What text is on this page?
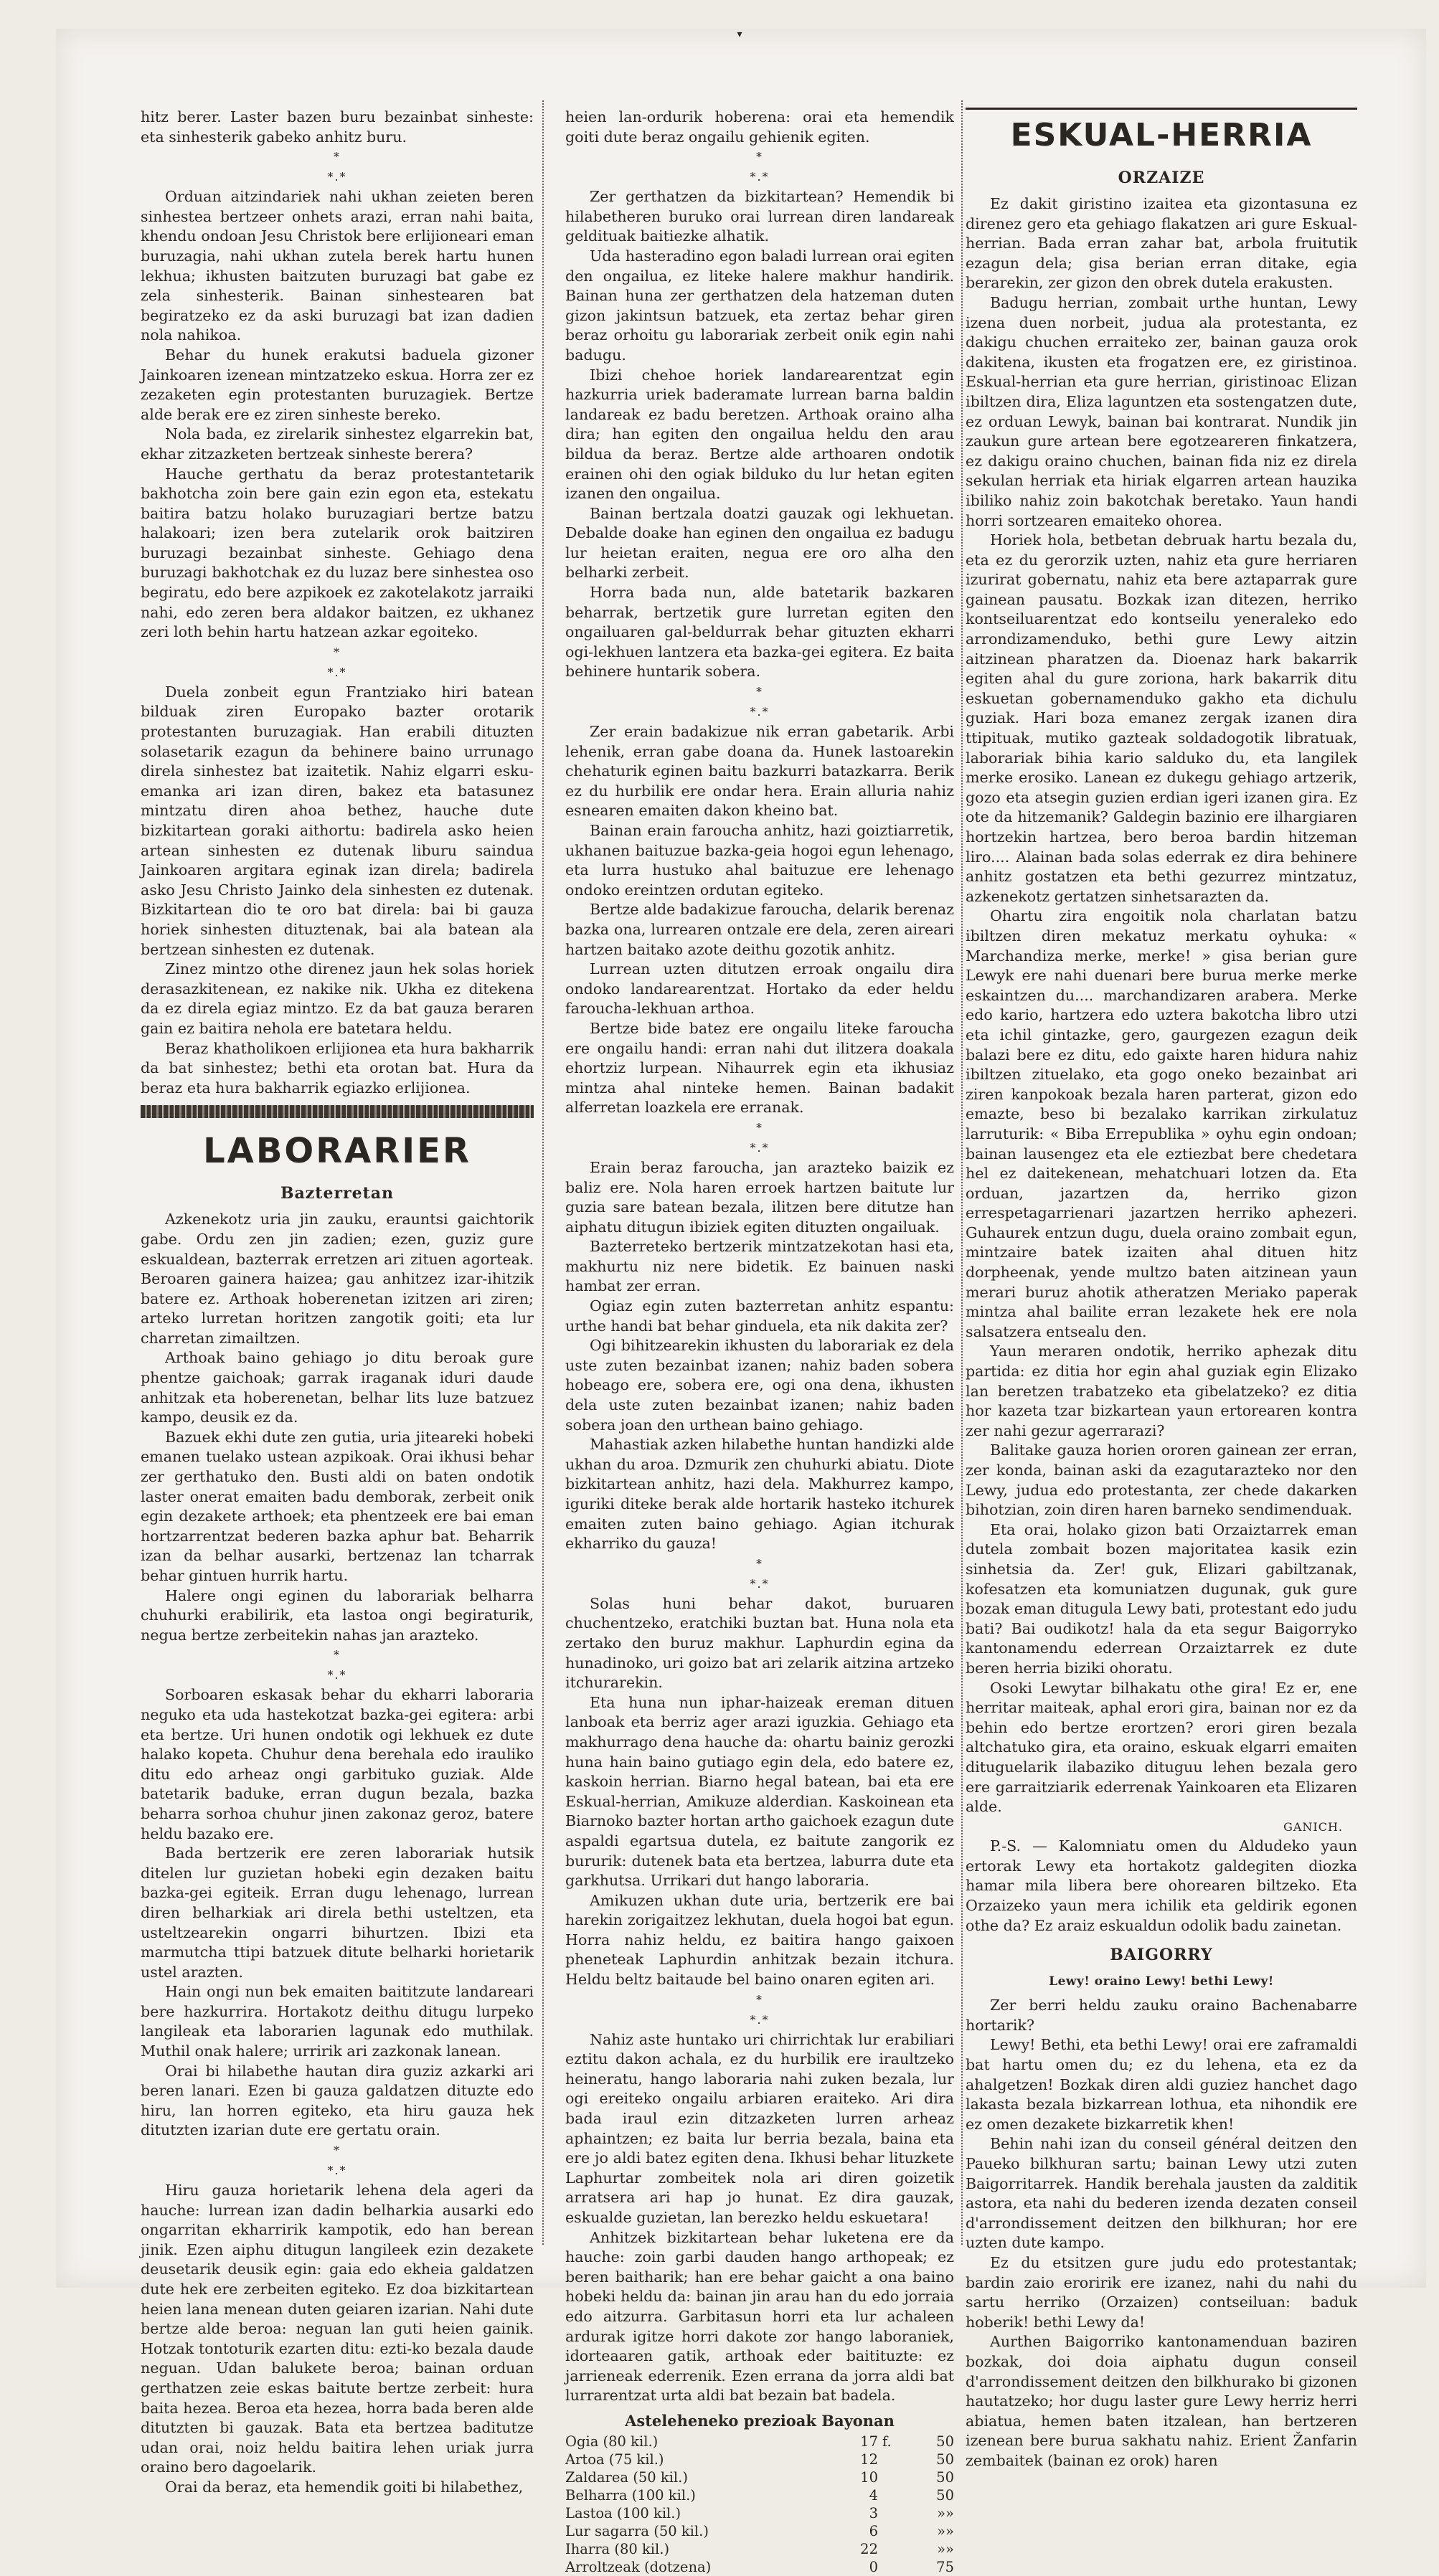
▾

hitz berer. Laster bazen buru bezainbat sinheste: eta sinhesterik gabeko anhitz buru.

*
*.*

Orduan aitzindariek nahi ukhan zeieten beren sinhestea bertzeer onhets arazi, erran nahi baita, khendu ondoan Jesu Christok bere erlijioneari eman buruzagia, nahi ukhan zutela berek hartu hunen lekhua; ikhusten baitzuten buruzagi bat gabe ez zela sinhesterik. Bainan sinhestearen bat begiratzeko ez da aski buruzagi bat izan dadien nola nahikoa.

Behar du hunek erakutsi baduela gizoner Jainkoaren izenean mintzatzeko eskua. Horra zer ez zezaketen egin protestanten buruzagiek. Bertze alde berak ere ez ziren sinheste bereko.

Nola bada, ez zirelarik sinhestez elgarrekin bat, ekhar zitzazketen bertzeak sinheste berera?

Hauche gerthatu da beraz protestantetarik bakhotcha zoin bere gain ezin egon eta, estekatu baitira batzu holako buruzagiari bertze batzu halakoari; izen bera zutelarik orok baitziren buruzagi bezainbat sinheste. Gehiago dena buruzagi bakhotchak ez du luzaz bere sinhestea oso begiratu, edo bere azpikoek ez zakotelakotz jarraiki nahi, edo zeren bera aldakor baitzen, ez ukhanez zeri loth behin hartu hatzean azkar egoiteko.

*
*.*

Duela zonbeit egun Frantziako hiri batean bilduak ziren Europako bazter orotarik protestanten buruzagiak. Han erabili dituzten solasetarik ezagun da behinere baino urrunago direla sinhestez bat izaitetik. Nahiz elgarri esku-emanka ari izan diren, bakez eta batasunez mintzatu diren ahoa bethez, hauche dute bizkitartean goraki aithortu: badirela asko heien artean sinhesten ez dutenak liburu saindua Jainkoaren argitara eginak izan direla; badirela asko Jesu Christo Jainko dela sinhesten ez dutenak. Bizkitartean dio te oro bat direla: bai bi gauza horiek sinhesten dituztenak, bai ala batean ala bertzean sinhesten ez dutenak.

Zinez mintzo othe direnez jaun hek solas horiek derasazkitenean, ez nakike nik. Ukha ez ditekena da ez direla egiaz mintzo. Ez da bat gauza beraren gain ez baitira nehola ere batetara heldu.

Beraz khatholikoen erlijionea eta hura bakharrik da bat sinhestez; bethi eta orotan bat. Hura da beraz eta hura bakharrik egiazko erlijionea.

LABORARIER
Bazterretan

Azkenekotz uria jin zauku, erauntsi gaichtorik gabe. Ordu zen jin zadien; ezen, guziz gure eskualdean, bazterrak erretzen ari zituen agorteak. Beroaren gainera haizea; gau anhitzez izar-ihitzik batere ez. Arthoak hoberenetan izitzen ari ziren; arteko lurretan horitzen zangotik goiti; eta lur charretan zimailtzen.

Arthoak baino gehiago jo ditu beroak gure phentze gaichoak; garrak iraganak iduri daude anhitzak eta hoberenetan, belhar lits luze batzuez kampo, deusik ez da.

Bazuek ekhi dute zen gutia, uria jiteareki hobeki emanen tuelako ustean azpikoak. Orai ikhusi behar zer gerthatuko den. Busti aldi on baten ondotik laster onerat emaiten badu demborak, zerbeit onik egin dezakete arthoek; eta phentzeek ere bai eman hortzarrentzat bederen bazka aphur bat. Beharrik izan da belhar ausarki, bertzenaz lan tcharrak behar gintuen hurrik hartu.

Halere ongi eginen du laborariak belharra chuhurki erabilirik, eta lastoa ongi begiraturik, negua bertze zerbeitekin nahas jan arazteko.

*
*.*

Sorboaren eskasak behar du ekharri laboraria neguko eta uda hastekotzat bazka-gei egitera: arbi eta bertze. Uri hunen ondotik ogi lekhuek ez dute halako kopeta. Chuhur dena berehala edo irauliko ditu edo arheaz ongi garbituko guziak. Alde batetarik baduke, erran dugun bezala, bazka beharra sorhoa chuhur jinen zakonaz geroz, batere heldu bazako ere.

Bada bertzerik ere zeren laborariak hutsik ditelen lur guzietan hobeki egin dezaken baitu bazka-gei egiteik. Erran dugu lehenago, lurrean diren belharkiak ari direla bethi usteltzen, eta usteltzearekin ongarri bihurtzen. Ibizi eta marmutcha ttipi batzuek ditute belharki horietarik ustel arazten.

Hain ongi nun bek emaiten baititzute landareari bere hazkurrira. Hortakotz deithu ditugu lurpeko langileak eta laborarien lagunak edo muthilak. Muthil onak halere; urririk ari zazkonak lanean.

Orai bi hilabethe hautan dira guziz azkarki ari beren lanari. Ezen bi gauza galdatzen dituzte edo hiru, lan horren egiteko, eta hiru gauza hek ditutzten izarian dute ere gertatu orain.

*
*.*

Hiru gauza horietarik lehena dela ageri da hauche: lurrean izan dadin belharkia ausarki edo ongarritan ekharririk kampotik, edo han berean jinik. Ezen aiphu ditugun langileek ezin dezakete deusetarik deusik egin: gaia edo ekheia galdatzen dute hek ere zerbeiten egiteko. Ez doa bizkitartean heien lana menean duten geiaren izarian. Nahi dute bertze alde beroa: neguan lan guti heien gainik. Hotzak tontoturik ezarten ditu: ezti-ko bezala daude neguan. Udan balukete beroa; bainan orduan gerthatzen zeie eskas baitute bertze zerbeit: hura baita hezea. Beroa eta hezea, horra bada beren alde ditutzten bi gauzak. Bata eta bertzea baditutze udan orai, noiz heldu baitira lehen uriak jurra oraino bero dagoelarik.

Orai da beraz, eta hemendik goiti bi hilabethez,

heien lan-ordurik hoberena: orai eta hemendik goiti dute beraz ongailu gehienik egiten.

*
*.*

Zer gerthatzen da bizkitartean? Hemendik bi hilabetheren buruko orai lurrean diren landareak geldituak baitiezke alhatik.

Uda hasteradino egon baladi lurrean orai egiten den ongailua, ez liteke halere makhur handirik. Bainan huna zer gerthatzen dela hatzeman duten gizon jakintsun batzuek, eta zertaz behar giren beraz orhoitu gu laborariak zerbeit onik egin nahi badugu.

Ibizi chehoe horiek landarearentzat egin hazkurria uriek baderamate lurrean barna baldin landareak ez badu beretzen. Arthoak oraino alha dira; han egiten den ongailua heldu den arau bildua da beraz. Bertze alde arthoaren ondotik erainen ohi den ogiak bilduko du lur hetan egiten izanen den ongailua.

Bainan bertzala doatzi gauzak ogi lekhuetan. Debalde doake han eginen den ongailua ez badugu lur heietan eraiten, negua ere oro alha den belharki zerbeit.

Horra bada nun, alde batetarik bazkaren beharrak, bertzetik gure lurretan egiten den ongailuaren gal-beldurrak behar gituzten ekharri ogi-lekhuen lantzera eta bazka-gei egitera. Ez baita behinere huntarik sobera.

*
*.*

Zer erain badakizue nik erran gabetarik. Arbi lehenik, erran gabe doana da. Hunek lastoarekin chehaturik eginen baitu bazkurri batazkarra. Berik ez du hurbilik ere ondar hera. Erain alluria nahiz esnearen emaiten dakon kheino bat.

Bainan erain faroucha anhitz, hazi goiztiarretik, ukhanen baituzue bazka-geia hogoi egun lehenago, eta lurra hustuko ahal baituzue ere lehenago ondoko ereintzen ordutan egiteko.

Bertze alde badakizue faroucha, delarik berenaz bazka ona, lurrearen ontzale ere dela, zeren aireari hartzen baitako azote deithu gozotik anhitz.

Lurrean uzten ditutzen erroak ongailu dira ondoko landarearentzat. Hortako da eder heldu faroucha-lekhuan arthoa.

Bertze bide batez ere ongailu liteke faroucha ere ongailu handi: erran nahi dut ilitzera doakala ehortziz lurpean. Nihaurrek egin eta ikhusiaz mintza ahal ninteke hemen. Bainan badakit alferretan loazkela ere erranak.

*
*.*

Erain beraz faroucha, jan arazteko baizik ez baliz ere. Nola haren erroek hartzen baitute lur guzia sare batean bezala, ilitzen bere ditutze han aiphatu ditugun ibiziek egiten dituzten ongailuak.

Bazterreteko bertzerik mintzatzekotan hasi eta, makhurtu niz nere bidetik. Ez bainuen naski hambat zer erran.

Ogiaz egin zuten bazterretan anhitz espantu: urthe handi bat behar ginduela, eta nik dakita zer?

Ogi bihitzearekin ikhusten du laborariak ez dela uste zuten bezainbat izanen; nahiz baden sobera hobeago ere, sobera ere, ogi ona dena, ikhusten dela uste zuten bezainbat izanen; nahiz baden sobera joan den urthean baino gehiago.

Mahastiak azken hilabethe huntan handizki alde ukhan du aroa. Dzmurik zen chuhurki abiatu. Diote bizkitartean anhitz, hazi dela. Makhurrez kampo, iguriki diteke berak alde hortarik hasteko itchurek emaiten zuten baino gehiago. Agian itchurak ekharriko du gauza!

*
*.*

Solas huni behar dakot, buruaren chuchentzeko, eratchiki buztan bat. Huna nola eta zertako den buruz makhur. Laphurdin egina da hunadinoko, uri goizo bat ari zelarik aitzina artzeko itchurarekin.

Eta huna nun iphar-haizeak ereman dituen lanboak eta berriz ager arazi iguzkia. Gehiago eta makhurrago dena hauche da: ohartu bainiz gerozki huna hain baino gutiago egin dela, edo batere ez, kaskoin herrian. Biarno hegal batean, bai eta ere Eskual-herrian, Amikuze alderdian. Kaskoinean eta Biarnoko bazter hortan artho gaichoek ezagun dute aspaldi egartsua dutela, ez baitute zangorik ez bururik: dutenek bata eta bertzea, laburra dute eta garkhutsa. Urrikari dut hango laboraria.

Amikuzen ukhan dute uria, bertzerik ere bai harekin zorigaitzez lekhutan, duela hogoi bat egun. Horra nahiz heldu, ez baitira hango gaixoen pheneteak Laphurdin anhitzak bezain itchura. Heldu beltz baitaude bel baino onaren egiten ari.

*
*.*

Nahiz aste huntako uri chirrichtak lur erabiliari eztitu dakon achala, ez du hurbilik ere iraultzeko heineratu, hango laboraria nahi zuken bezala, lur ogi ereiteko ongailu arbiaren eraiteko. Ari dira bada iraul ezin ditzazketen lurren arheaz aphaintzen; ez baita lur berria bezala, baina eta ere jo aldi batez egiten dena. Ikhusi behar lituzkete Laphurtar zombeitek nola ari diren goizetik arratsera ari hap jo hunat. Ez dira gauzak, eskualde guzietan, lan berezko heldu eskuetara!

Anhitzek bizkitartean behar luketena ere da hauche: zoin garbi dauden hango arthopeak; ez beren baitharik; han ere behar gaicht a ona baino hobeki heldu da: bainan jin arau han du edo jorraia edo aitzurra. Garbitasun horri eta lur achaleen ardurak igitze horri dakote zor hango laboraniek, idorteaaren gatik, arthoak eder baitituzte: ez jarrieneak ederrenik. Ezen errana da jorra aldi bat lurrarentzat urta aldi bat bezain bat badela.

Asteleheneko prezioak Bayonan
Ogia (80 kil.)	17	f.	50
Artoa (75 kil.)	12		50
Zaldarea (50 kil.)	10		50
Belharra (100 kil.)	4		50
Lastoa (100 kil.)	3		»»
Lur sagarra (50 kil.)	6		»»
Iharra (80 kil.)	22		»»
Arroltzeak (dotzena)	0		75
ESKUAL-HERRIA
ORZAIZE

Ez dakit giristino izaitea eta gizontasuna ez direnez gero eta gehiago flakatzen ari gure Eskual-herrian. Bada erran zahar bat, arbola fruitutik ezagun dela; gisa berian erran ditake, egia berarekin, zer gizon den obrek dutela erakusten.

Badugu herrian, zombait urthe huntan, Lewy izena duen norbeit, judua ala protestanta, ez dakigu chuchen erraiteko zer, bainan gauza orok dakitena, ikusten eta frogatzen ere, ez giristinoa. Eskual-herrian eta gure herrian, giristinoac Elizan ibiltzen dira, Eliza laguntzen eta sostengatzen dute, ez orduan Lewyk, bainan bai kontrarat. Nundik jin zaukun gure artean bere egotzeareren finkatzera, ez dakigu oraino chuchen, bainan fida niz ez direla sekulan herriak eta hiriak elgarren artean hauzika ibiliko nahiz zoin bakotchak beretako. Yaun handi horri sortzearen emaiteko ohorea.

Horiek hola, betbetan debruak hartu bezala du, eta ez du gerorzik uzten, nahiz eta gure herriaren izurirat gobernatu, nahiz eta bere aztaparrak gure gainean pausatu. Bozkak izan ditezen, herriko kontseiluarentzat edo kontseilu yeneraleko edo arrondizamenduko, bethi gure Lewy aitzin aitzinean pharatzen da. Dioenaz hark bakarrik egiten ahal du gure zoriona, hark bakarrik ditu eskuetan gobernamenduko gakho eta dichulu guziak. Hari boza emanez zergak izanen dira ttipituak, mutiko gazteak soldadogotik libratuak, laborariak bihia kario salduko du, eta langilek merke erosiko. Lanean ez dukegu gehiago artzerik, gozo eta atsegin guzien erdian igeri izanen gira. Ez ote da hitzemanik? Galdegin bazinio ere ilhargiaren hortzekin hartzea, bero beroa bardin hitzeman liro.... Alainan bada solas ederrak ez dira behinere anhitz gostatzen eta bethi gezurrez mintzatuz, azkenekotz gertatzen sinhetsarazten da.

Ohartu zira engoitik nola charlatan batzu ibiltzen diren mekatuz merkatu oyhuka: « Marchandiza merke, merke! » gisa berian gure Lewyk ere nahi duenari bere burua merke merke eskaintzen du.... marchandizaren arabera. Merke edo kario, hartzera edo uztera bakotcha libro utzi eta ichil gintazke, gero, gaurgezen ezagun deik balazi bere ez ditu, edo gaixte haren hidura nahiz ibiltzen zituelako, eta gogo oneko bezainbat ari ziren kanpokoak bezala haren parterat, gizon edo emazte, beso bi bezalako karrikan zirkulatuz larruturik: « Biba Errepublika » oyhu egin ondoan; bainan lausengez eta ele eztiezbat bere chedetara hel ez daitekenean, mehatchuari lotzen da. Eta orduan, jazartzen da, herriko gizon errespetagarrienari jazartzen herriko aphezeri. Guhaurek entzun dugu, duela oraino zombait egun, mintzaire batek izaiten ahal dituen hitz dorpheenak, yende multzo baten aitzinean yaun merari buruz ahotik atheratzen Meriako paperak mintza ahal bailite erran lezakete hek ere nola salsatzera entsealu den.

Yaun meraren ondotik, herriko aphezak ditu partida: ez ditia hor egin ahal guziak egin Elizako lan beretzen trabatzeko eta gibelatzeko? ez ditia hor kazeta tzar bizkartean yaun ertorearen kontra zer nahi gezur agerrarazi?

Balitake gauza horien ororen gainean zer erran, zer konda, bainan aski da ezagutaraztekо nor den Lewy, judua edo protestanta, zer chede dakarken bihotzian, zoin diren haren barneko sendimenduak.

Eta orai, holako gizon bati Orzaiztarrek eman dutela zombait bozen majoritatea kasik ezin sinhetsia da. Zer! guk, Elizari gabiltzanak, kofesatzen eta komuniatzen dugunak, guk gure bozak eman ditugula Lewy bati, protestant edo judu bati? Bai oudikotz! hala da eta segur Baigorryko kantonamendu ederrean Orzaiztarrek ez dute beren herria biziki ohoratu.

Osoki Lewytar bilhakatu othe gira! Ez er, ene herritar maiteak, aphal erori gira, bainan nor ez da behin edo bertze erortzen? erori giren bezala altchatuko gira, eta oraino, eskuak elgarri emaiten dituguelarik ilabaziko dituguu lehen bezala gero ere garraitziarik ederrenak Yainkoaren eta Elizaren alde.

GANICH.

P.-S. — Kalomniatu omen du Aldudeko yaun ertorak Lewy eta hortakotz galdegiten diozka hamar mila libera bere ohorearen biltzeko. Eta Orzaizeko yaun mera ichilik eta geldirik egonen othe da? Ez araiz eskualdun odolik badu zainetan.

BAIGORRY
Lewy! oraino Lewy! bethi Lewy!

Zer berri heldu zauku oraino Bachenabarre hortarik?

Lewy! Bethi, eta bethi Lewy! orai ere zaframaldi bat hartu omen du; ez du lehena, eta ez da ahalgetzen! Bozkak diren aldi guziez hanchet dago lakasta bezala bizkarrean lothua, eta nihondik ere ez omen dezakete bizkarretik khen!

Behin nahi izan du conseil général deitzen den Paueko bilkhuran sartu; bainan Lewy utzi zuten Baigorritarrek. Handik berehala jausten da zalditik astora, eta nahi du bederen izenda dezaten conseil d'arrondissement deitzen den bilkhuran; hor ere uzten dute kampo.

Ez du etsitzen gure judu edo protestantak; bardin zaio eroririk ere izanez, nahi du nahi du sartu herriko (Orzaizen) contseiluan: baduk hoberik! bethi Lewy da!

Aurthen Baigorriko kantonamenduan baziren bozkak, doi doia aiphatu dugun conseil d'arrondissement deitzen den bilkhurako bi gizonen hautatzeko; hor dugu laster gure Lewy herriz herri abiatua, hemen baten itzalean, han bertzeren izenean bere burua sakhatu nahiz. Erient Žanfarin zembaitek (bainan ez orok) haren
